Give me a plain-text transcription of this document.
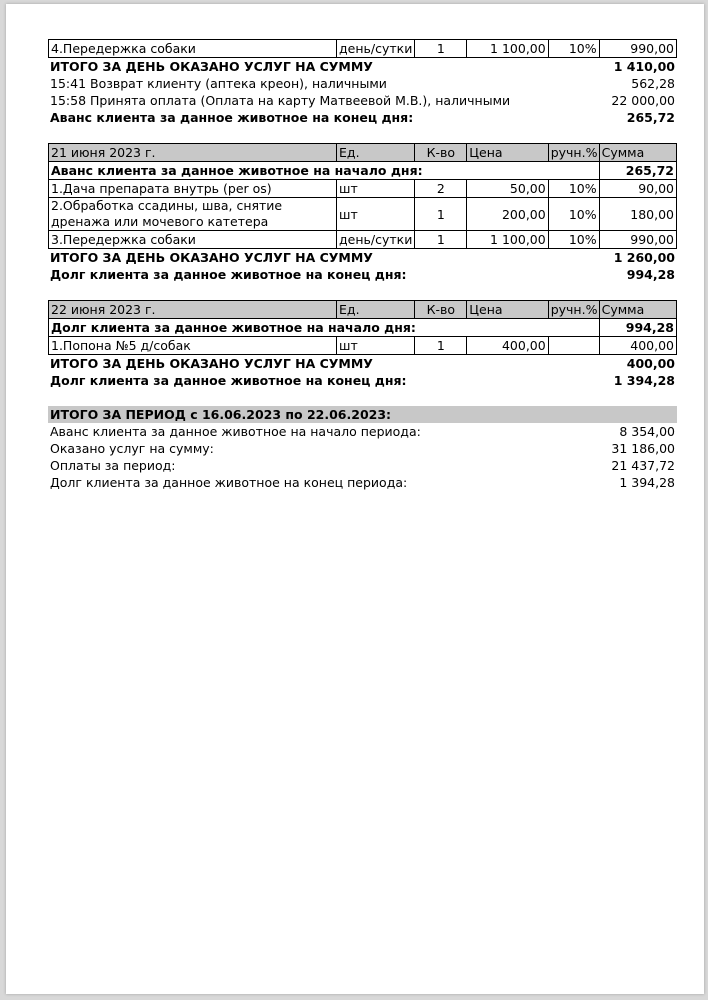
4.Передержка собаки	день/сутки	1	1 100,00	10%	990,00
ИТОГО ЗА ДЕНЬ ОКАЗАНО УСЛУГ НА СУММУ	1 410,00
15:41 Возврат клиенту (аптека креон), наличными	562,28
15:58 Принята оплата (Оплата на карту Матвеевой М.В.), наличными	22 000,00
Аванс клиента за данное животное на конец дня:	265,72
21 июня 2023 г.	Ед.	К-во	Цена	ручн.%	Сумма
Аванс клиента за данное животное на начало дня:					265,72
1.Дача препарата внутрь (per os)	шт	2	50,00	10%	90,00
2.Обработка ссадины, шва, снятие дренажа или мочевого катетера	шт	1	200,00	10%	180,00
3.Передержка собаки	день/сутки	1	1 100,00	10%	990,00
ИТОГО ЗА ДЕНЬ ОКАЗАНО УСЛУГ НА СУММУ	1 260,00
Долг клиента за данное животное на конец дня:	994,28
22 июня 2023 г.	Ед.	К-во	Цена	ручн.%	Сумма
Долг клиента за данное животное на начало дня:					994,28
1.Попона №5 д/собак	шт	1	400,00		400,00
ИТОГО ЗА ДЕНЬ ОКАЗАНО УСЛУГ НА СУММУ	400,00
Долг клиента за данное животное на конец дня:	1 394,28
ИТОГО ЗА ПЕРИОД с 16.06.2023 по 22.06.2023:
Аванс клиента за данное животное на начало периода:	8 354,00
Оказано услуг на сумму:	31 186,00
Оплаты за период:	21 437,72
Долг клиента за данное животное на конец периода:	1 394,28
